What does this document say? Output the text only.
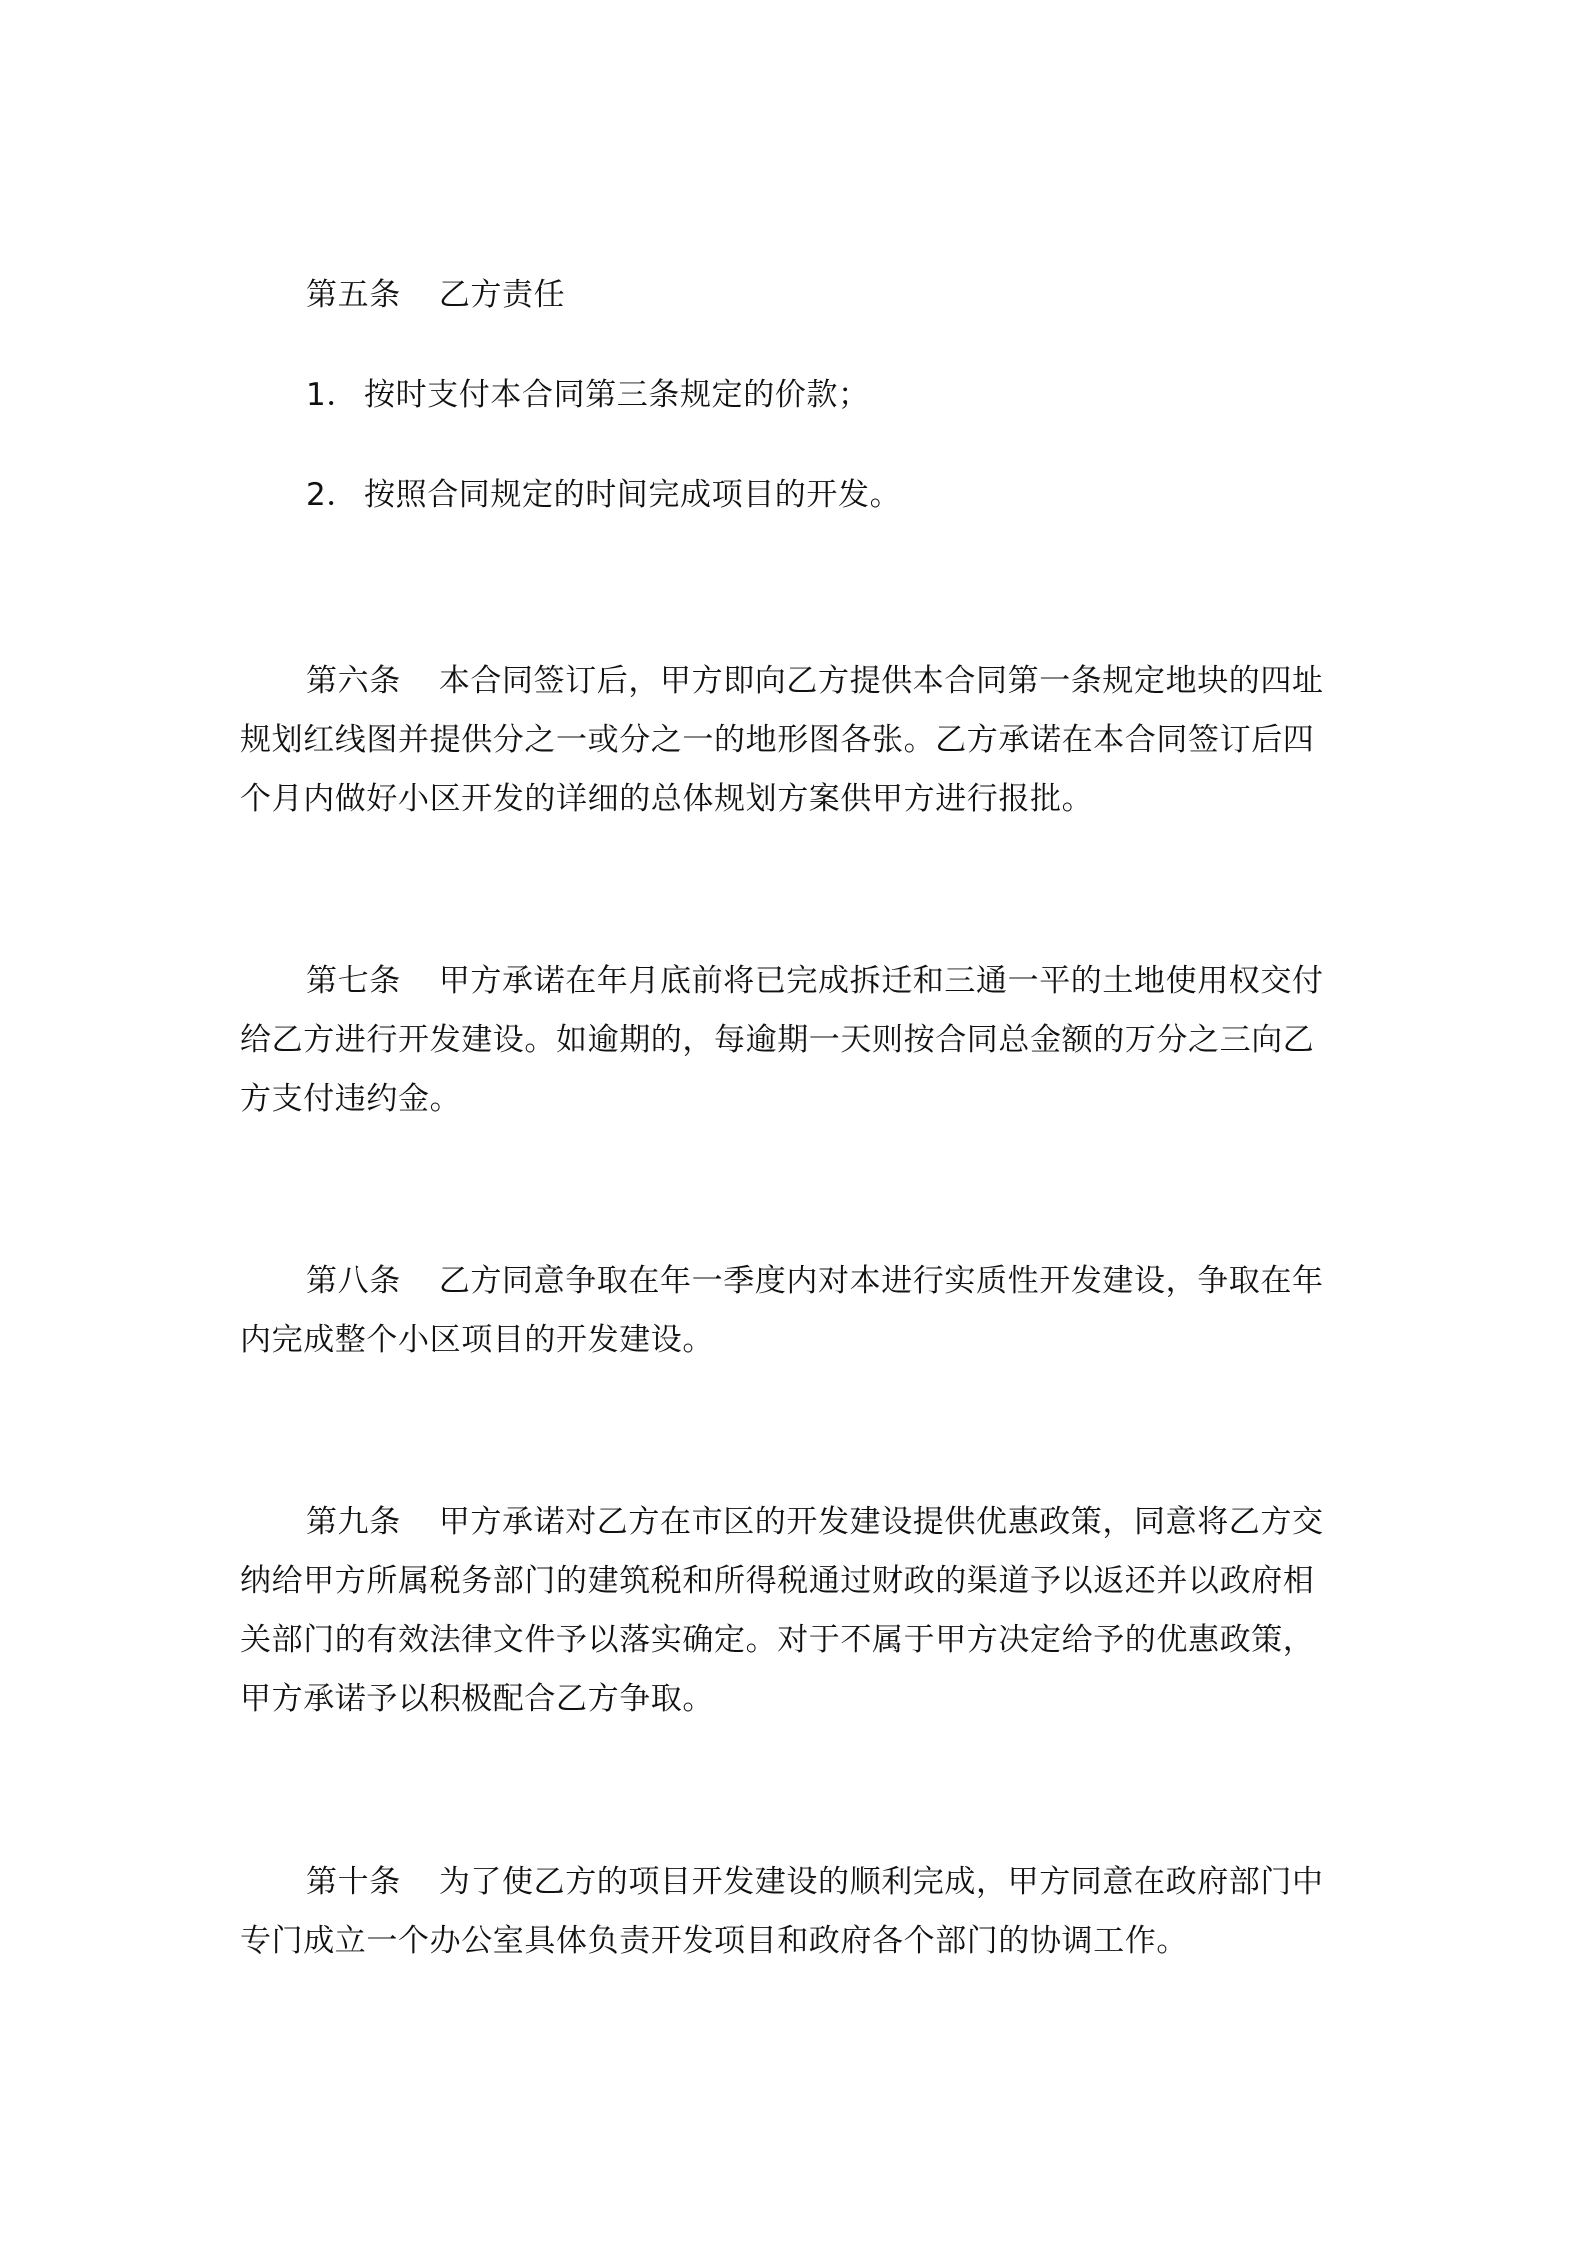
第五条 乙方责任
1． 按时支付本合同第三条规定的价款；
2． 按照合同规定的时间完成项目的开发。
第六条 本合同签订后，甲方即向乙方提供本合同第一条规定地块的四址
规划红线图并提供分之一或分之一的地形图各张。乙方承诺在本合同签订后四
个月内做好小区开发的详细的总体规划方案供甲方进行报批。
第七条 甲方承诺在年月底前将已完成拆迁和三通一平的土地使用权交付
给乙方进行开发建设。如逾期的，每逾期一天则按合同总金额的万分之三向乙
方支付违约金。
第八条 乙方同意争取在年一季度内对本进行实质性开发建设，争取在年
内完成整个小区项目的开发建设。
第九条 甲方承诺对乙方在市区的开发建设提供优惠政策，同意将乙方交
纳给甲方所属税务部门的建筑税和所得税通过财政的渠道予以返还并以政府相
关部门的有效法律文件予以落实确定。对于不属于甲方决定给予的优惠政策，
甲方承诺予以积极配合乙方争取。
第十条 为了使乙方的项目开发建设的顺利完成，甲方同意在政府部门中
专门成立一个办公室具体负责开发项目和政府各个部门的协调工作。
